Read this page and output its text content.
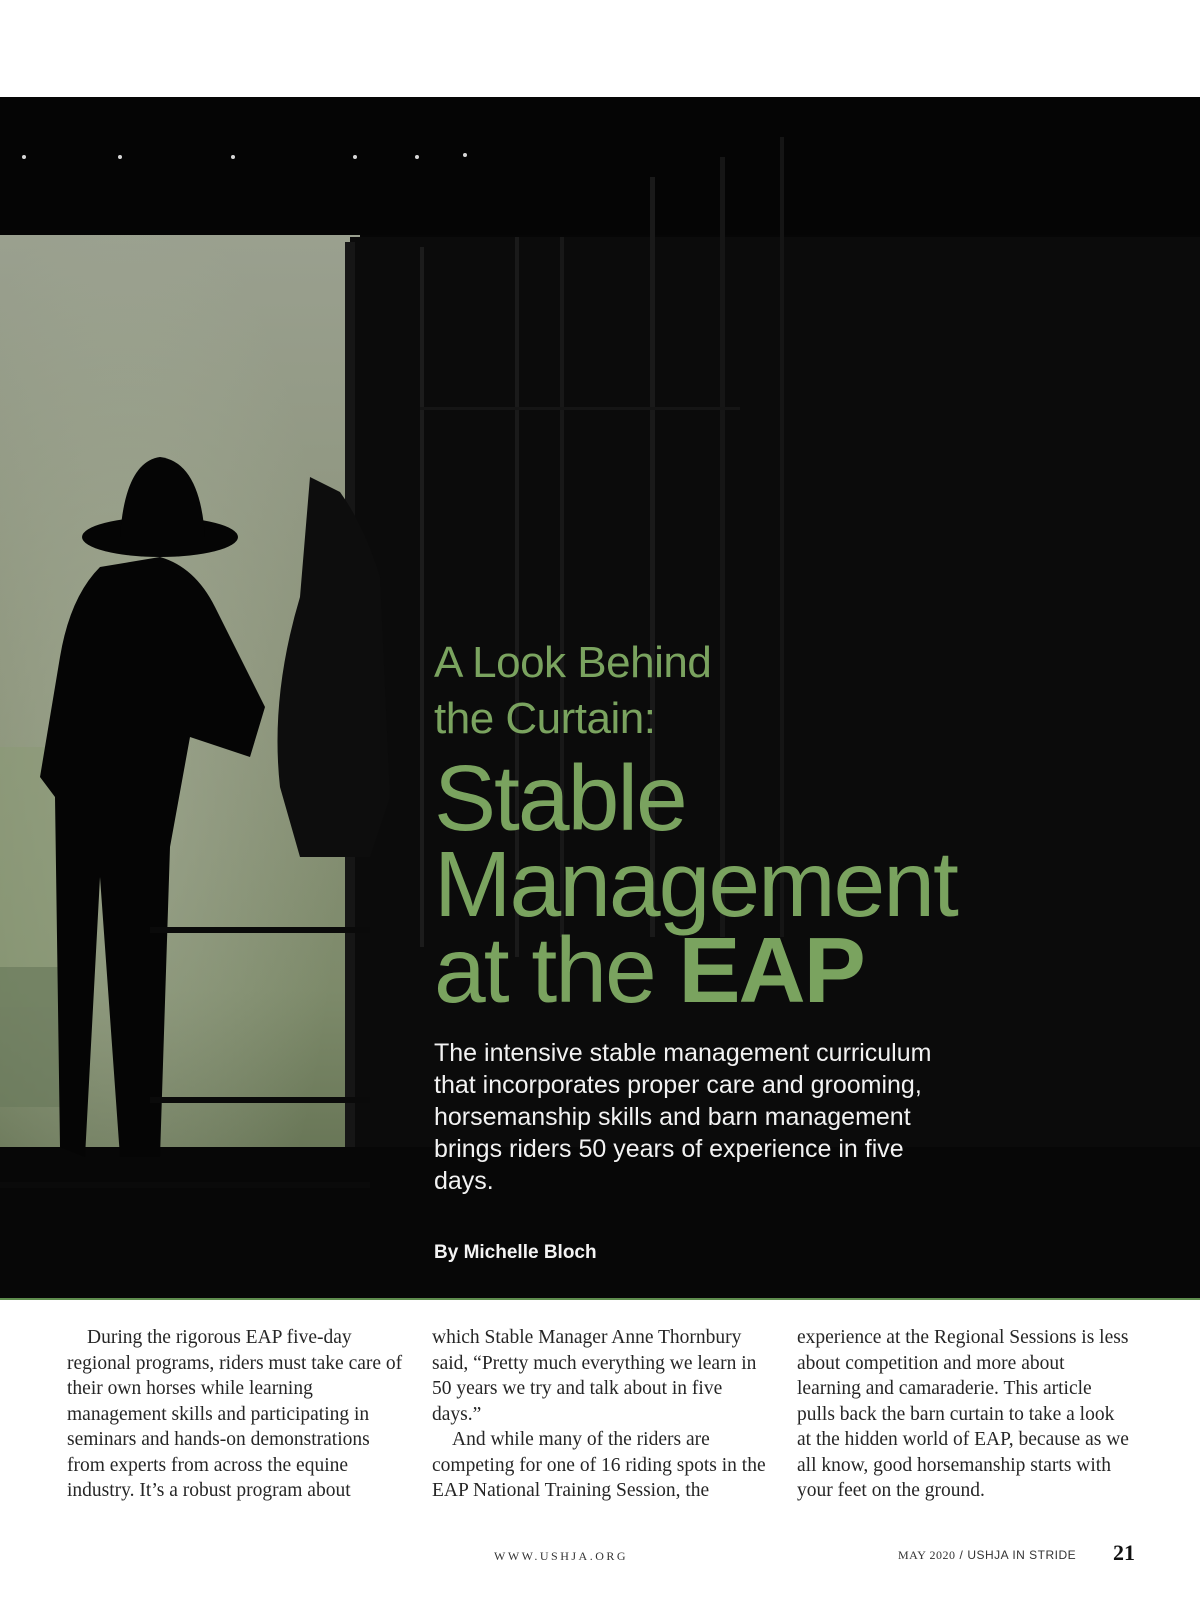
A Look Behind

the Curtain:

Stable
Management
at the EAP

The intensive stable management curriculum that incorporates proper care and grooming, horsemanship skills and barn management brings riders 50 years of experience in five days.

By Michelle Bloch

During the rigorous EAP five-day regional programs, riders must take care of their own horses while learning management skills and participating in seminars and hands-on demonstrations from experts from across the equine industry. It’s a robust program about

which Stable Manager Anne Thornbury said, “Pretty much everything we learn in 50 years we try and talk about in five days.”

And while many of the riders are competing for one of 16 riding spots in the EAP National Training Session, the

experience at the Regional Sessions is less about competition and more about learning and camaraderie. This article pulls back the barn curtain to take a look at the hidden world of EAP, because as we all know, good horsemanship starts with your feet on the ground.

WWW.USHJA.ORG	MAY 2020 / USHJA IN STRIDE 21
